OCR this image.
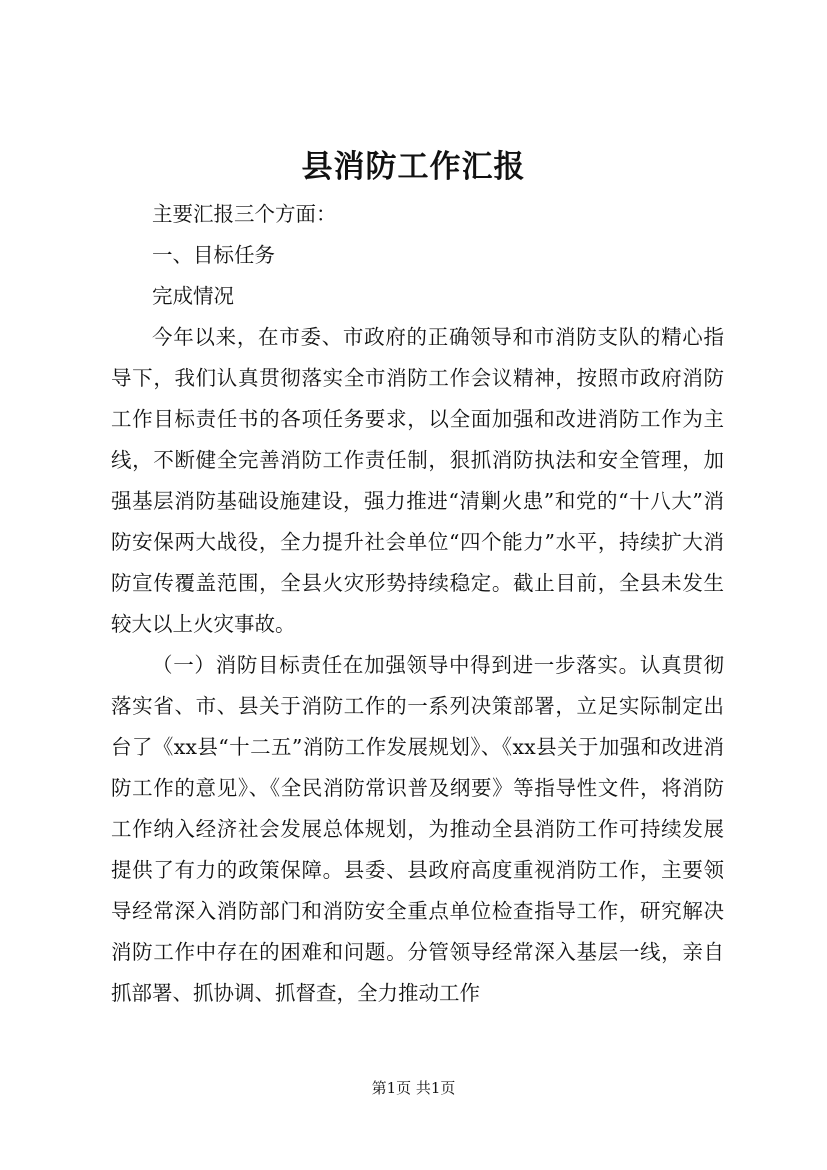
县消防工作汇报

主要汇报三个方面：

一、目标任务

完成情况

今年以来，在市委、市政府的正确领导和市消防支队的精心指导下，我们认真贯彻落实全市消防工作会议精神，按照市政府消防工作目标责任书的各项任务要求，以全面加强和改进消防工作为主线，不断健全完善消防工作责任制，狠抓消防执法和安全管理，加强基层消防基础设施建设，强力推进“清剿火患”和党的“十八大”消防安保两大战役，全力提升社会单位“四个能力”水平，持续扩大消防宣传覆盖范围，全县火灾形势持续稳定。截止目前，全县未发生较大以上火灾事故。

（一）消防目标责任在加强领导中得到进一步落实。认真贯彻落实省、市、县关于消防工作的一系列决策部署，立足实际制定出台了《xx县“十二五”消防工作发展规划》、《xx县关于加强和改进消防工作的意见》、《全民消防常识普及纲要》等指导性文件，将消防工作纳入经济社会发展总体规划，为推动全县消防工作可持续发展提供了有力的政策保障。县委、县政府高度重视消防工作，主要领导经常深入消防部门和消防安全重点单位检查指导工作，研究解决消防工作中存在的困难和问题。分管领导经常深入基层一线，亲自抓部署、抓协调、抓督查，全力推动工作

第1页 共1页
